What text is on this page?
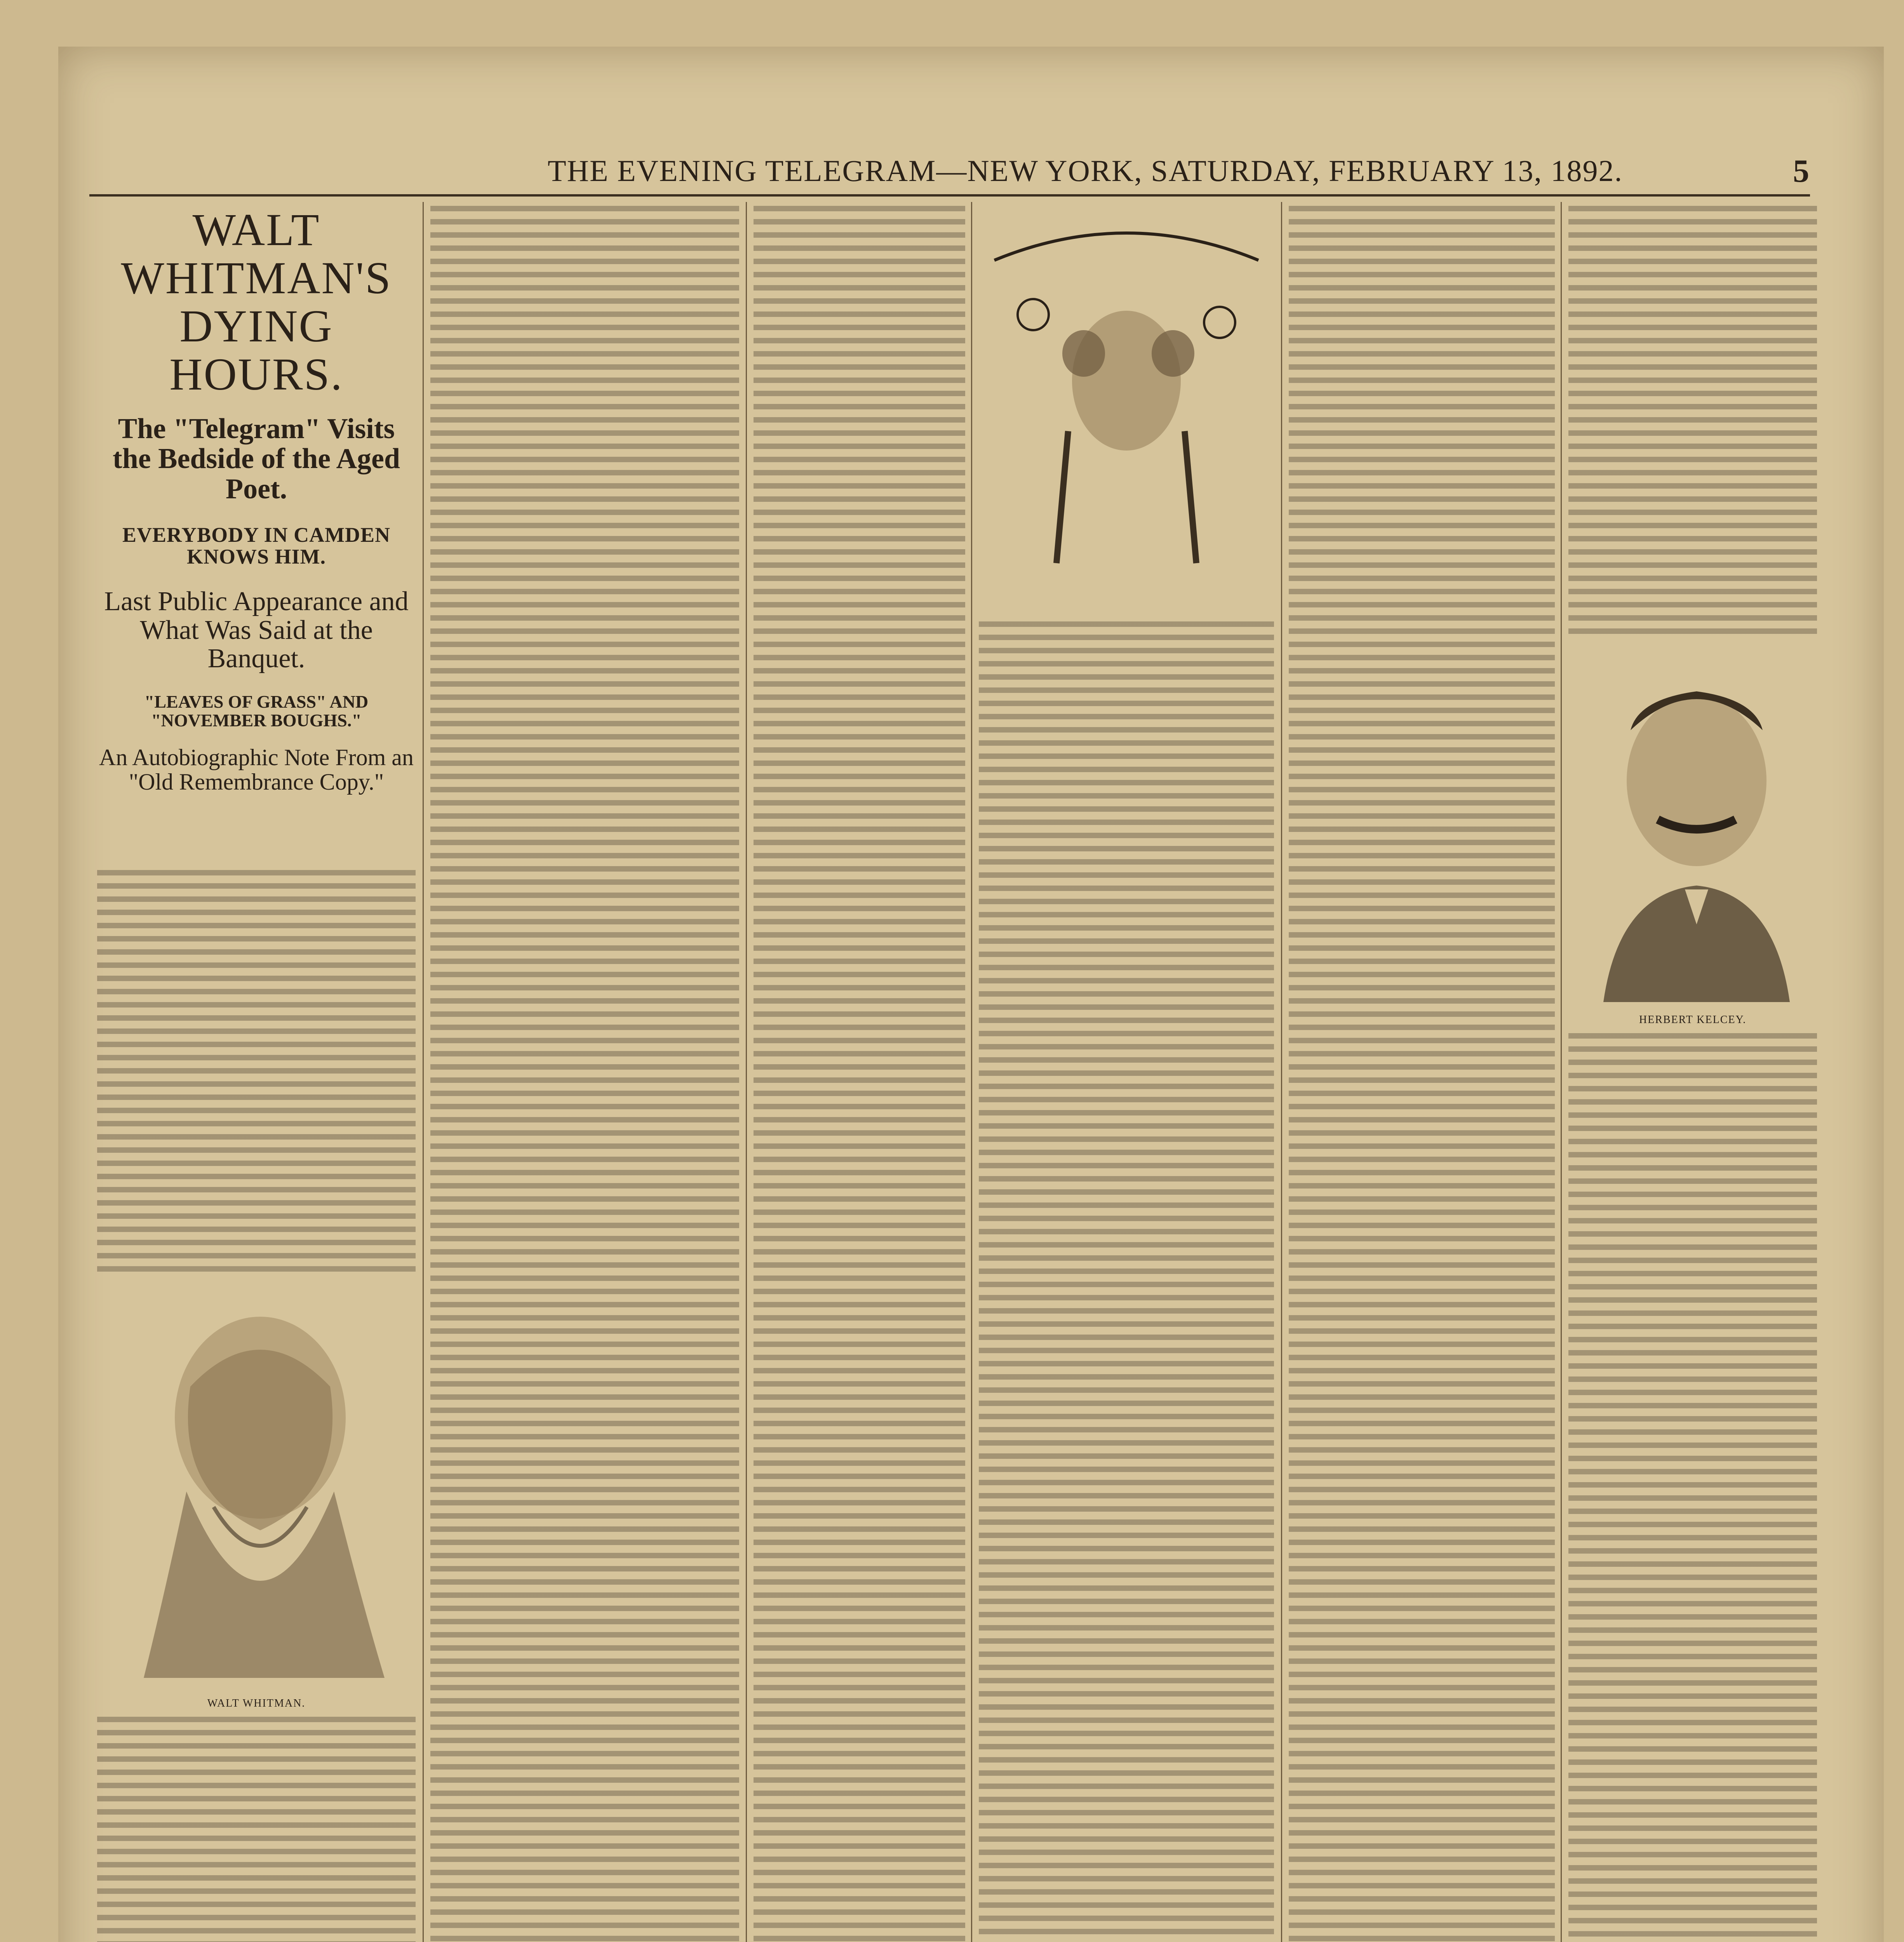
THE EVENING TELEGRAM—NEW YORK, SATURDAY, FEBRUARY 13, 1892.	5

WALT WHITMAN'S DYING HOURS.

The "Telegram" Visits the Bedside of the Aged Poet.

EVERYBODY IN CAMDEN KNOWS HIM.

Last Public Appearance and What Was Said at the Banquet.

"LEAVES OF GRASS" AND "NOVEMBER BOUGHS."

An Autobiographic Note From an "Old Remembrance Copy."

WALT WHITMAN.
HERBERT KELCEY.
